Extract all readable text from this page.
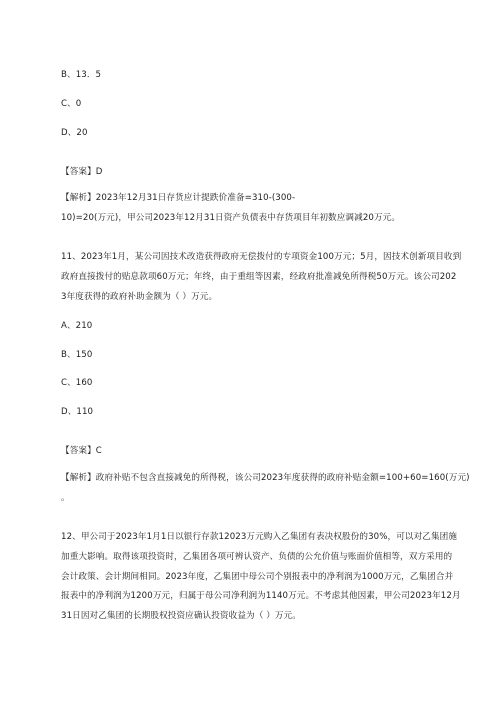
B、13．5
C、0
D、20
【答案】D
【解析】2023年12月31日存货应计提跌价准备=310-(300-
10)=20(万元)，甲公司2023年12月31日资产负债表中存货项目年初数应调减20万元。
11、2023年1月，某公司因技术改造获得政府无偿拨付的专项资金100万元；5月，因技术创新项目收到
政府直接拨付的贴息款项60万元；年终，由于重组等因素，经政府批准减免所得税50万元。该公司202
3年度获得的政府补助金额为（ ）万元。
A、210
B、150
C、160
D、110
【答案】C
【解析】政府补贴不包含直接减免的所得税，该公司2023年度获得的政府补贴金额=100+60=160(万元)
。
12、甲公司于2023年1月1日以银行存款12023万元购入乙集团有表决权股份的30%，可以对乙集团施
加重大影响。取得该项投资时，乙集团各项可辨认资产、负债的公允价值与账面价值相等，双方采用的
会计政策、会计期间相同。2023年度，乙集团中母公司个别报表中的净利润为1000万元，乙集团合并
报表中的净利润为1200万元，归属于母公司净利润为1140万元。不考虑其他因素，甲公司2023年12月
31日因对乙集团的长期股权投资应确认投资收益为（ ）万元。
